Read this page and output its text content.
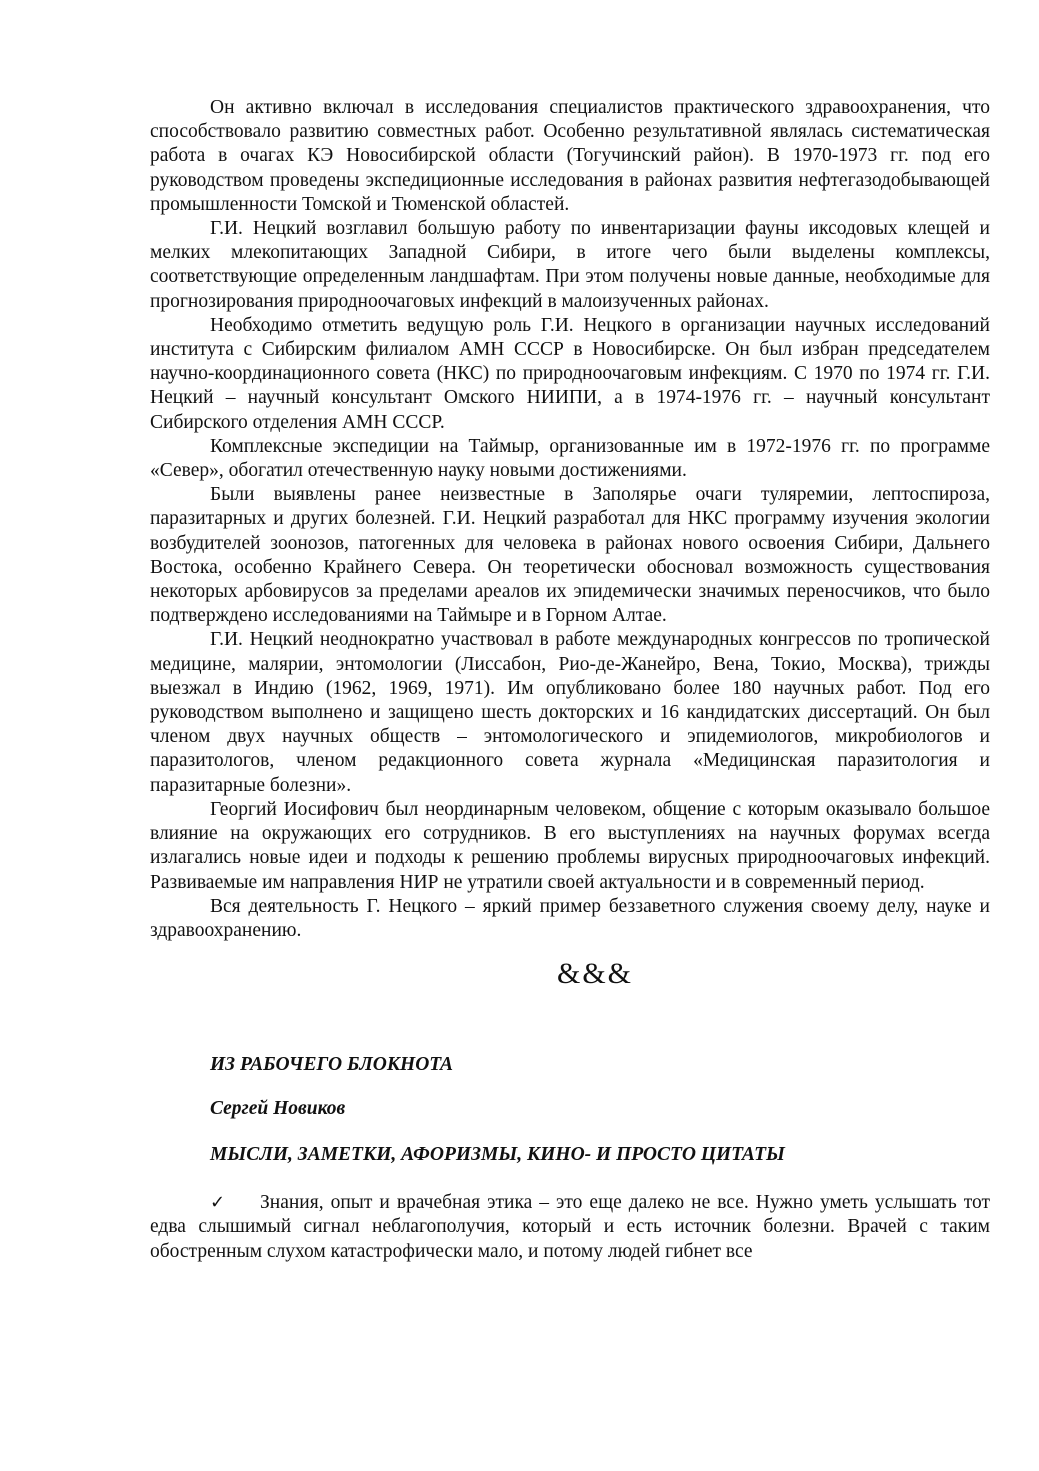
Он активно включал в исследования специалистов практического здравоохранения, что способствовало развитию совместных работ. Особенно результативной являлась систематическая работа в очагах КЭ Новосибирской области (Тогучинский район). В 1970-1973 гг. под его руководством проведены экспедиционные исследования в районах развития нефтегазодобывающей промышленности Томской и Тюменской областей.

Г.И. Нецкий возглавил большую работу по инвентаризации фауны иксодовых клещей и мелких млекопитающих Западной Сибири, в итоге чего были выделены комплексы, соответствующие определенным ландшафтам. При этом получены новые данные, необходимые для прогнозирования природноочаговых инфекций в малоизученных районах.

Необходимо отметить ведущую роль Г.И. Нецкого в организации научных исследований института с Сибирским филиалом АМН СССР в Новосибирске. Он был избран председателем научно-координационного совета (НКС) по природноочаговым инфекциям. С 1970 по 1974 гг. Г.И. Нецкий – научный консультант Омского НИИПИ, а в 1974-1976 гг. – научный консультант Сибирского отделения АМН СССР.

Комплексные экспедиции на Таймыр, организованные им в 1972-1976 гг. по программе «Север», обогатил отечественную науку новыми достижениями.

Были выявлены ранее неизвестные в Заполярье очаги туляремии, лептоспироза, паразитарных и других болезней. Г.И. Нецкий разработал для НКС программу изучения экологии возбудителей зоонозов, патогенных для человека в районах нового освоения Сибири, Дальнего Востока, особенно Крайнего Севера. Он теоретически обосновал возможность существования некоторых арбовирусов за пределами ареалов их эпидемически значимых переносчиков, что было подтверждено исследованиями на Таймыре и в Горном Алтае.

Г.И. Нецкий неоднократно участвовал в работе международных конгрессов по тропической медицине, малярии, энтомологии (Лиссабон, Рио-де-Жанейро, Вена, Токио, Москва), трижды выезжал в Индию (1962, 1969, 1971). Им опубликовано более 180 научных работ. Под его руководством выполнено и защищено шесть докторских и 16 кандидатских диссертаций. Он был членом двух научных обществ – энтомологического и эпидемиологов, микробиологов и паразитологов, членом редакционного совета журнала «Медицинская паразитология и паразитарные болезни».

Георгий Иосифович был неординарным человеком, общение с которым оказывало большое влияние на окружающих его сотрудников. В его выступлениях на научных форумах всегда излагались новые идеи и подходы к решению проблемы вирусных природноочаговых инфекций. Развиваемые им направления НИР не утратили своей актуальности и в современный период.

Вся деятельность Г. Нецкого – яркий пример беззаветного служения своему делу, науке и здравоохранению.

&&&

ИЗ РАБОЧЕГО БЛОКНОТА

Сергей Новиков

МЫСЛИ, ЗАМЕТКИ, АФОРИЗМЫ, КИНО- И ПРОСТО ЦИТАТЫ

✓ Знания, опыт и врачебная этика – это еще далеко не все. Нужно уметь услышать тот едва слышимый сигнал неблагополучия, который и есть источник болезни. Врачей с таким обостренным слухом катастрофически мало, и потому людей гибнет все
